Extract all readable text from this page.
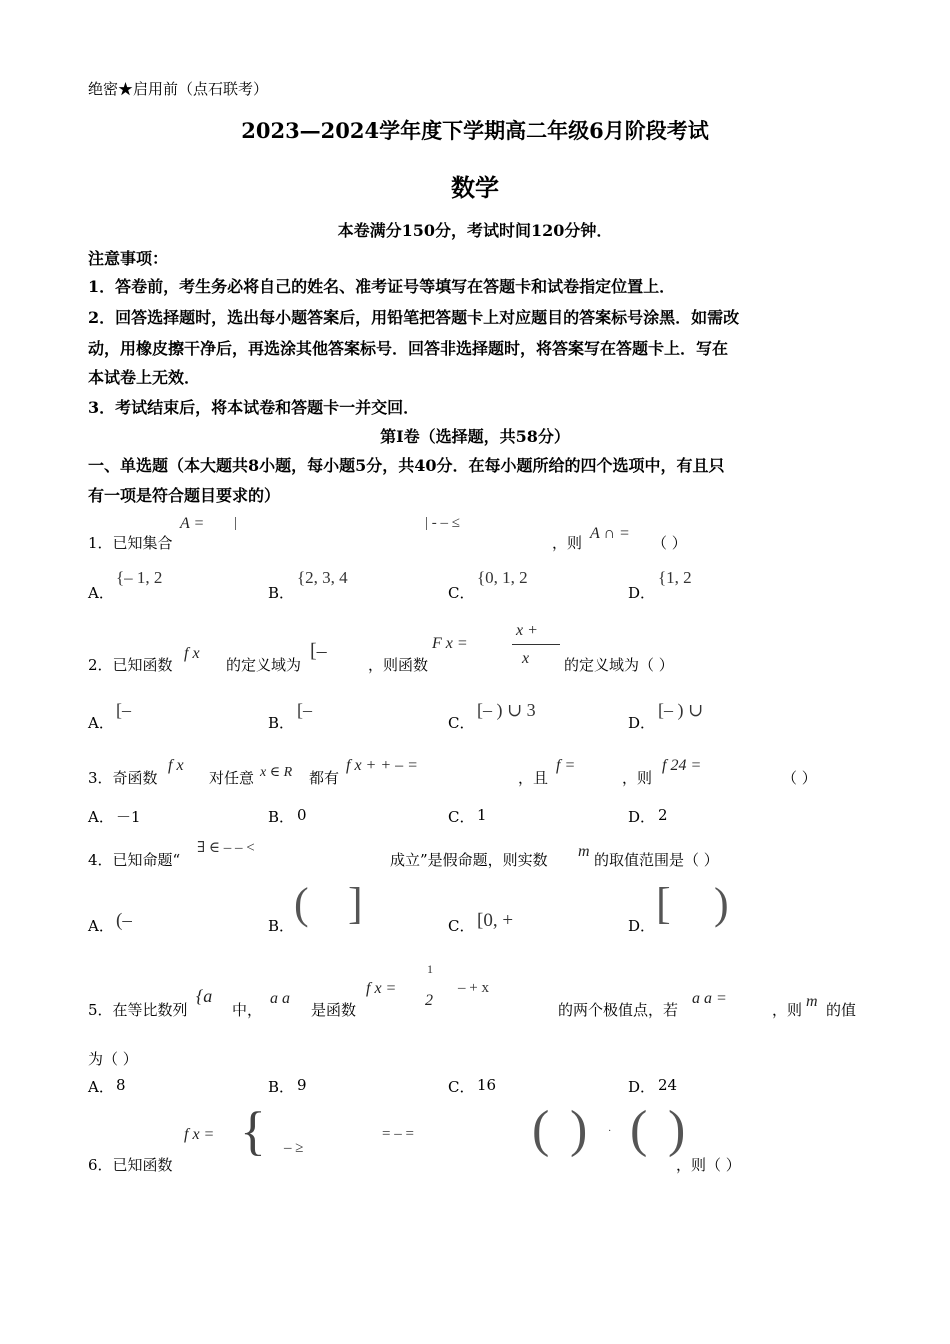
绝密★启用前（点石联考）
2023—2024学年度下学期高二年级6月阶段考试
数学
本卷满分150分，考试时间120分钟．
注意事项：
1．答卷前，考生务必将自己的姓名、准考证号等填写在答题卡和试卷指定位置上．
2．回答选择题时，选出每小题答案后，用铅笔把答题卡上对应题目的答案标号涂黑．如需改
动，用橡皮擦干净后，再选涂其他答案标号．回答非选择题时，将答案写在答题卡上．写在
本试卷上无效．
3．考试结束后，将本试卷和答题卡一并交回．
第Ⅰ卷（选择题，共58分）
一、单选题（本大题共8小题，每小题5分，共40分．在每小题所给的四个选项中，有且只
有一项是符合题目要求的）
1．已知集合
A = |	| - – ≤
，则
A ∩ =
（ ）
A．
{– 1, 2
B．
{2, 3, 4
C．
{0, 1, 2
D．
{1, 2
2．已知函数
f x
的定义域为
[–
，则函数
F x =
x +
x 的定义域为（ ）
A．
[–
B．
[–
C．
[– ) ∪ 3
D．
[– ) ∪
3．奇函数
f x
对任意 x ∈ R 都有
f x + + – =
，且
f =
，则
f 24 =
（ ）
A． －1	B． 0	C． 1	D． 2
4．已知命题“
∃ ∈ – – <
成立”是假命题，则实数 m 的取值范围是（ ）
A． (–	B． ( ]	C． [0, +	D． [ )
5．在等比数列
{a
中，
a a
是函数
f x =
1
2
– + x
的两个极值点，若
a a =
，则 m 的值
为（ ）
A． 8	B． 9	C． 16	D． 24
6．已知函数
f x = { – ≥
= – = ( ) · ( )
，则（ ）
